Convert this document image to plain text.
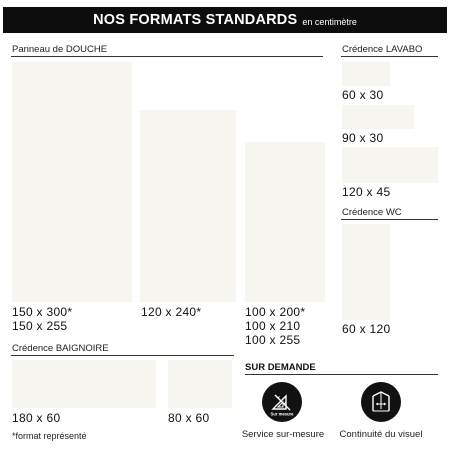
NOS FORMATS STANDARDS en centimètre
Panneau de DOUCHE
150 x 300*
150 x 255
120 x 240*	100 x 200*
100 x 210
100 x 255
Crédence LAVABO
60 x 30
90 x 30
120 x 45
Crédence WC
60 x 120
Crédence BAIGNOIRE
180 x 60	80 x 60
*format représenté
SUR DEMANDE
Sur mesure
Service sur-mesure	Continuité du visuel
